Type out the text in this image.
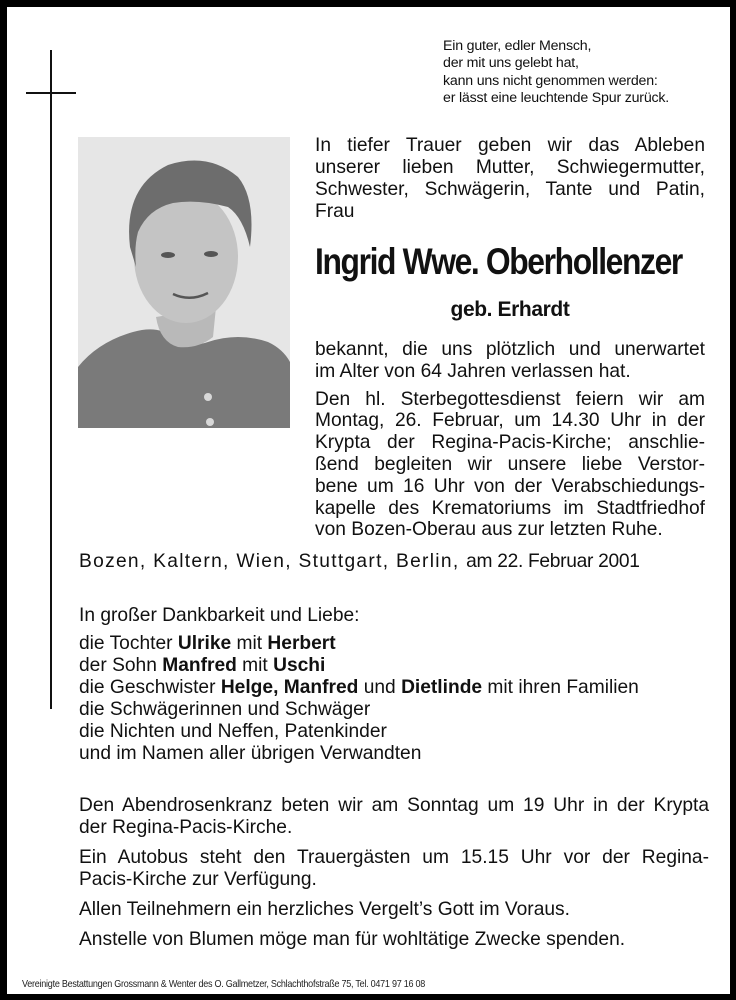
Ein guter, edler Mensch,
der mit uns gelebt hat,
kann uns nicht genommen werden:
er lässt eine leuchtende Spur zurück.
In tiefer Trauer geben wir das Ableben
unserer lieben Mutter, Schwiegermutter,
Schwester, Schwägerin, Tante und Patin,
Frau
Ingrid Wwe. Oberhollenzer
geb. Erhardt
bekannt, die uns plötzlich und unerwartet
im Alter von 64 Jahren verlassen hat.
Den hl. Sterbegottesdienst feiern wir am
Montag, 26. Februar, um 14.30 Uhr in der
Krypta der Regina-Pacis-Kirche; anschlie-
ßend begleiten wir unsere liebe Verstor-
bene um 16 Uhr von der Verabschiedungs-
kapelle des Krematoriums im Stadtfriedhof
von Bozen-Oberau aus zur letzten Ruhe.
Bozen, Kaltern, Wien, Stuttgart, Berlin, am 22. Februar 2001
In großer Dankbarkeit und Liebe:
die Tochter Ulrike mit Herbert
der Sohn Manfred mit Uschi
die Geschwister Helge, Manfred und Dietlinde mit ihren Familien
die Schwägerinnen und Schwäger
die Nichten und Neffen, Patenkinder
und im Namen aller übrigen Verwandten

Den Abendrosenkranz beten wir am Sonntag um 19 Uhr in der Krypta
der Regina-Pacis-Kirche.

Ein Autobus steht den Trauergästen um 15.15 Uhr vor der Regina-
Pacis-Kirche zur Verfügung.

Allen Teilnehmern ein herzliches Vergelt’s Gott im Voraus.

Anstelle von Blumen möge man für wohltätige Zwecke spenden.

Vereinigte Bestattungen Grossmann & Wenter des O. Gallmetzer, Schlachthofstraße 75, Tel. 0471 97 16 08
